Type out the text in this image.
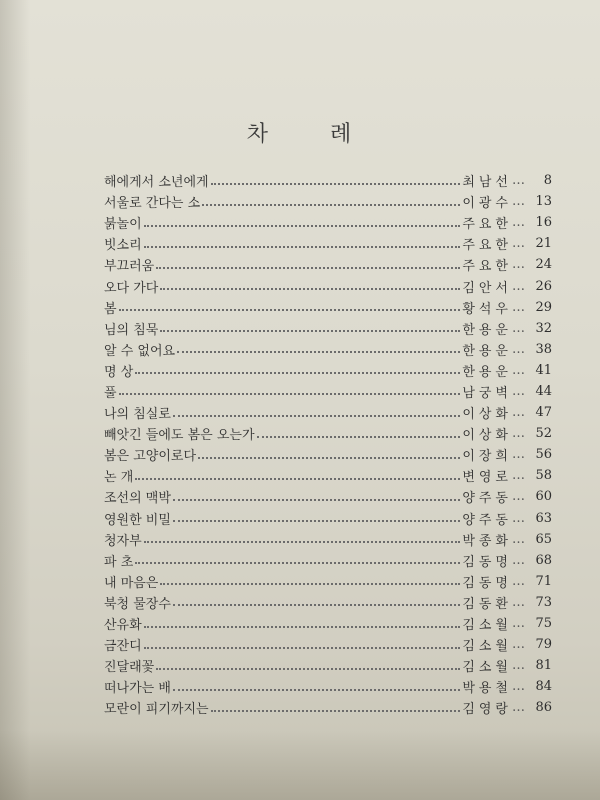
차	례
해에게서 소년에게	최남선 …	8
서울로 간다는 소	이광수 … 13
붉놀이	주요한 … 16
빗소리	주요한 … 21
부끄러움	주요한 … 24
오다 가다	김안서 … 26
봄	황석우 … 29
님의 침묵	한용운 … 32
알 수 없어요	한용운 … 38
명 상	한용운 … 41
풀	남궁벽 … 44
나의 침실로	이상화 … 47
빼앗긴 들에도 봄은 오는가	이상화 … 52
봄은 고양이로다	이장희 … 56
논 개	변영로 … 58
조선의 맥박	양주동 … 60
영원한 비밀	양주동 … 63
청자부	박종화 … 65
파 초	김동명 … 68
내 마음은	김동명 … 71
북청 물장수	김동환 … 73
산유화	김소월 … 75
금잔디	김소월 … 79
진달래꽃	김소월 … 81
떠나가는 배	박용철 … 84
모란이 피기까지는	김영랑 … 86
